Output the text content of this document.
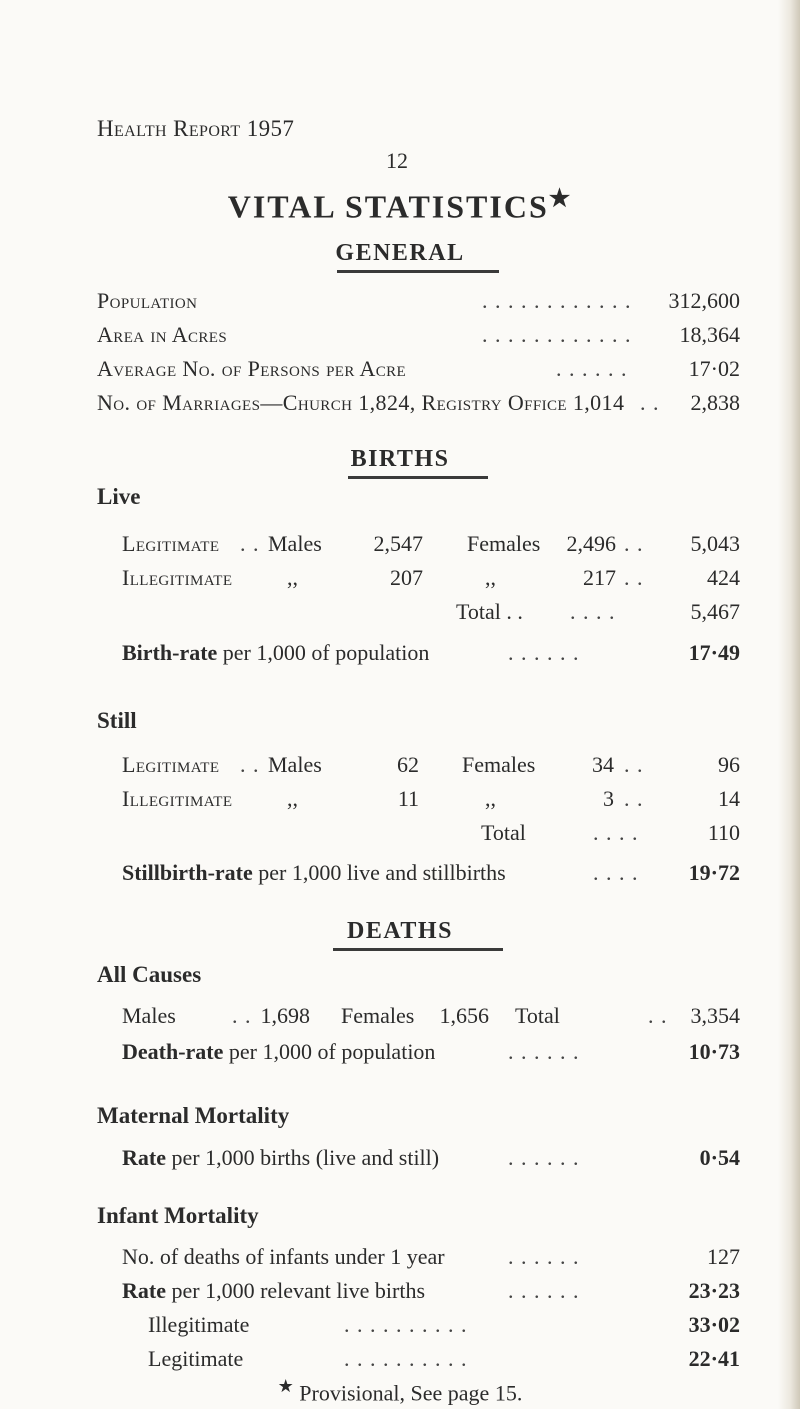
Health Report 1957
12
VITAL STATISTICS★
GENERAL
Population	. . . . . . . . . . . . 312,600
Area in Acres	. . . . . . . . . . . . 18,364
Average No. of Persons per Acre	. . . . . .	17·02
No. of Marriages—Church 1,824, Registry Office 1,014 . . 2,838
BIRTHS
Live
Legitimate . . Males 2,547 Females 2,496 . . 5,043
Illegitimate ,,	207	,,	217 . .	424
Total . . . . . .	5,467
Birth-rate per 1,000 of population	. . . . . .	17·49
Still
Legitimate . . Males	62 Females	34 . .	96
Illegitimate ,,	11	,,	3 . .	14
Total	. . . .	110
Stillbirth-rate per 1,000 live and stillbirths	. . . . 19·72
DEATHS
All Causes
Males	. . 1,698 Females 1,656 Total	. . 3,354
Death-rate per 1,000 of population	. . . . . .	10·73
Maternal Mortality
Rate per 1,000 births (live and still)	. . . . . .	0·54
Infant Mortality
No. of deaths of infants under 1 year	. . . . . .	127
Rate per 1,000 relevant live births	. . . . . .	23·23
Illegitimate	. . . . . . . . . .	33·02
Legitimate	. . . . . . . . . .	22·41
★ Provisional, See page 15.
